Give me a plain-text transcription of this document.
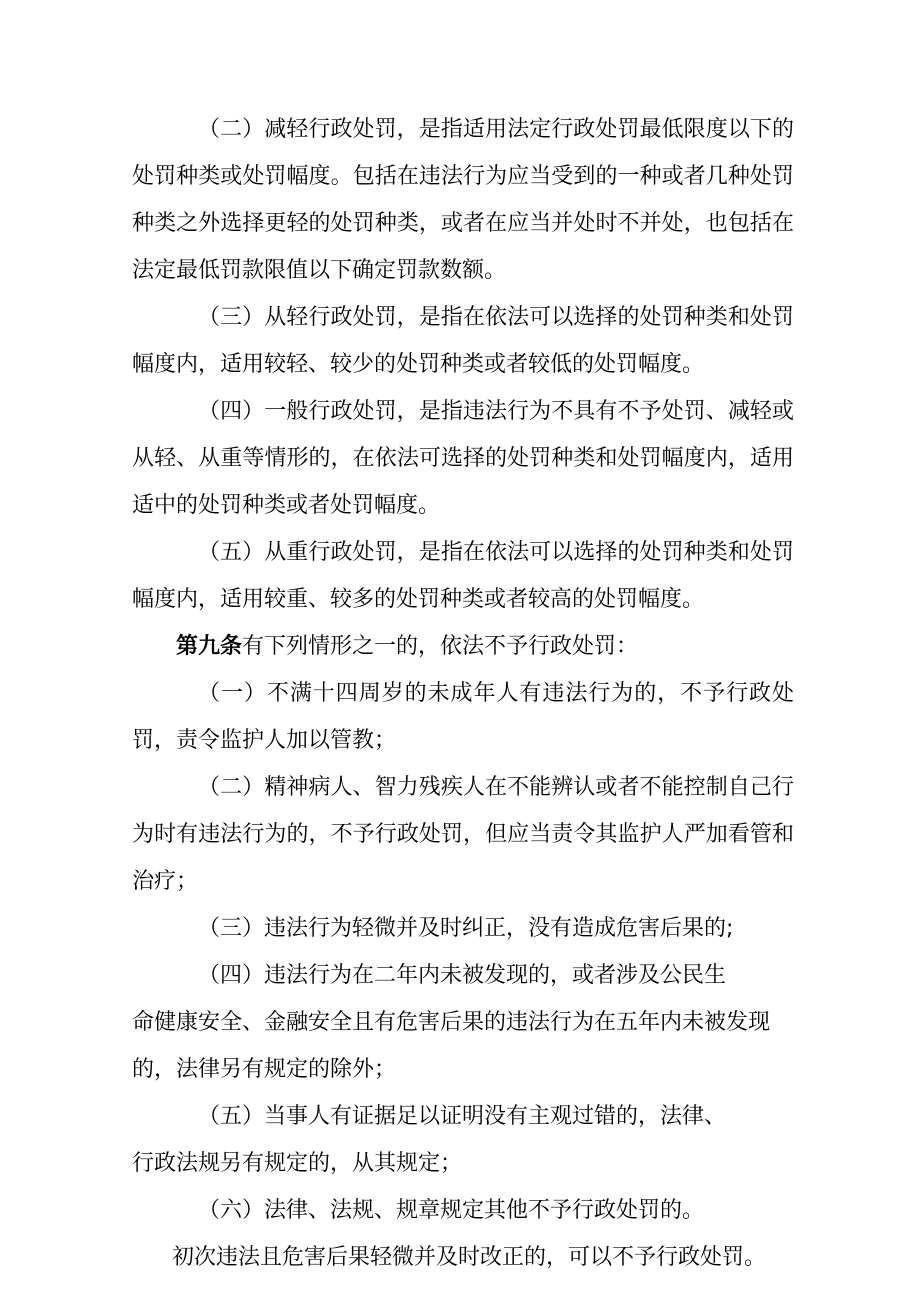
（二）减轻行政处罚，是指适用法定行政处罚最低限度以下的处罚种类或处罚幅度。包括在违法行为应当受到的一种或者几种处罚种类之外选择更轻的处罚种类，或者在应当并处时不并处，也包括在法定最低罚款限值以下确定罚款数额。

（三）从轻行政处罚，是指在依法可以选择的处罚种类和处罚幅度内，适用较轻、较少的处罚种类或者较低的处罚幅度。

（四）一般行政处罚，是指违法行为不具有不予处罚、减轻或从轻、从重等情形的，在依法可选择的处罚种类和处罚幅度内，适用适中的处罚种类或者处罚幅度。

（五）从重行政处罚，是指在依法可以选择的处罚种类和处罚幅度内，适用较重、较多的处罚种类或者较高的处罚幅度。

第九条有下列情形之一的，依法不予行政处罚：

（一）不满十四周岁的未成年人有违法行为的，不予行政处罚，责令监护人加以管教；

（二）精神病人、智力残疾人在不能辨认或者不能控制自己行为时有违法行为的，不予行政处罚，但应当责令其监护人严加看管和治疗；

（三）违法行为轻微并及时纠正，没有造成危害后果的;

（四）违法行为在二年内未被发现的，或者涉及公民生
命健康安全、金融安全且有危害后果的违法行为在五年内未被发现的，法律另有规定的除外；

（五）当事人有证据足以证明没有主观过错的，法律、
行政法规另有规定的，从其规定；

（六）法律、法规、规章规定其他不予行政处罚的。

初次违法且危害后果轻微并及时改正的，可以不予行政处罚。
